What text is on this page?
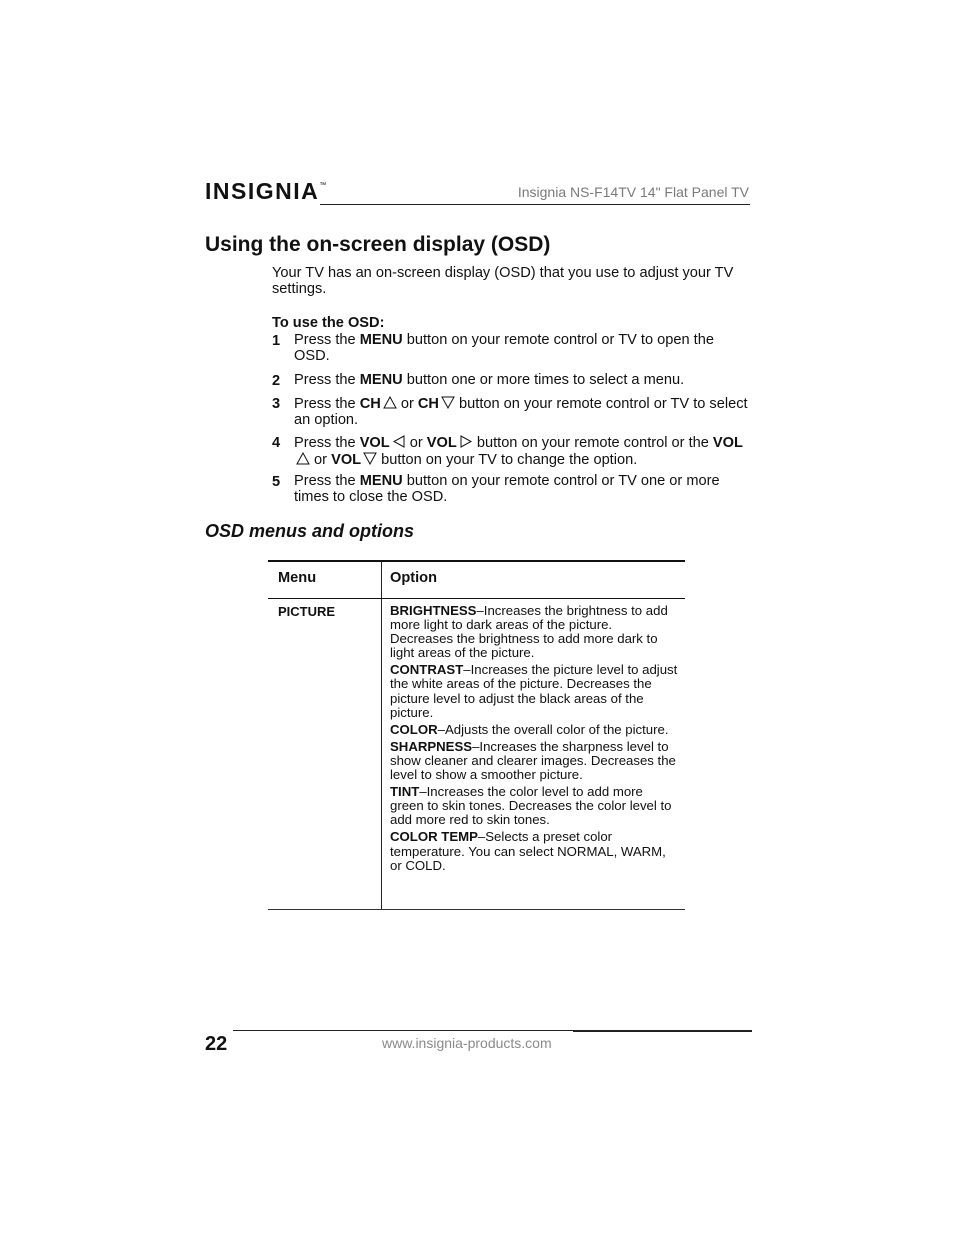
INSIGNIA™	Insignia NS-F14TV 14" Flat Panel TV
Using the on-screen display (OSD)
Your TV has an on-screen display (OSD) that you use to adjust your TV settings.
To use the OSD:
1 Press the MENU button on your remote control or TV to open the OSD.
2 Press the MENU button one or more times to select a menu.
3 Press the CH
or CH
button on your remote control or TV to select an option.
4 Press the VOL
or VOL
button on your remote control or the VOL
or VOL
button on your TV to change the option.
5 Press the MENU button on your remote control or TV one or more times to close the OSD.
OSD menus and options
Menu	Option
PICTURE	BRIGHTNESS–Increases the brightness to add more light to dark areas of the picture. Decreases the brightness to add more dark to light areas of the picture.
CONTRAST–Increases the picture level to adjust the white areas of the picture. Decreases the picture level to adjust the black areas of the picture.
COLOR–Adjusts the overall color of the picture.
SHARPNESS–Increases the sharpness level to show cleaner and clearer images. Decreases the level to show a smoother picture.
TINT–Increases the color level to add more green to skin tones. Decreases the color level to add more red to skin tones.
COLOR TEMP–Selects a preset color temperature. You can select NORMAL, WARM, or COLD.
22	www.insignia-products.com
